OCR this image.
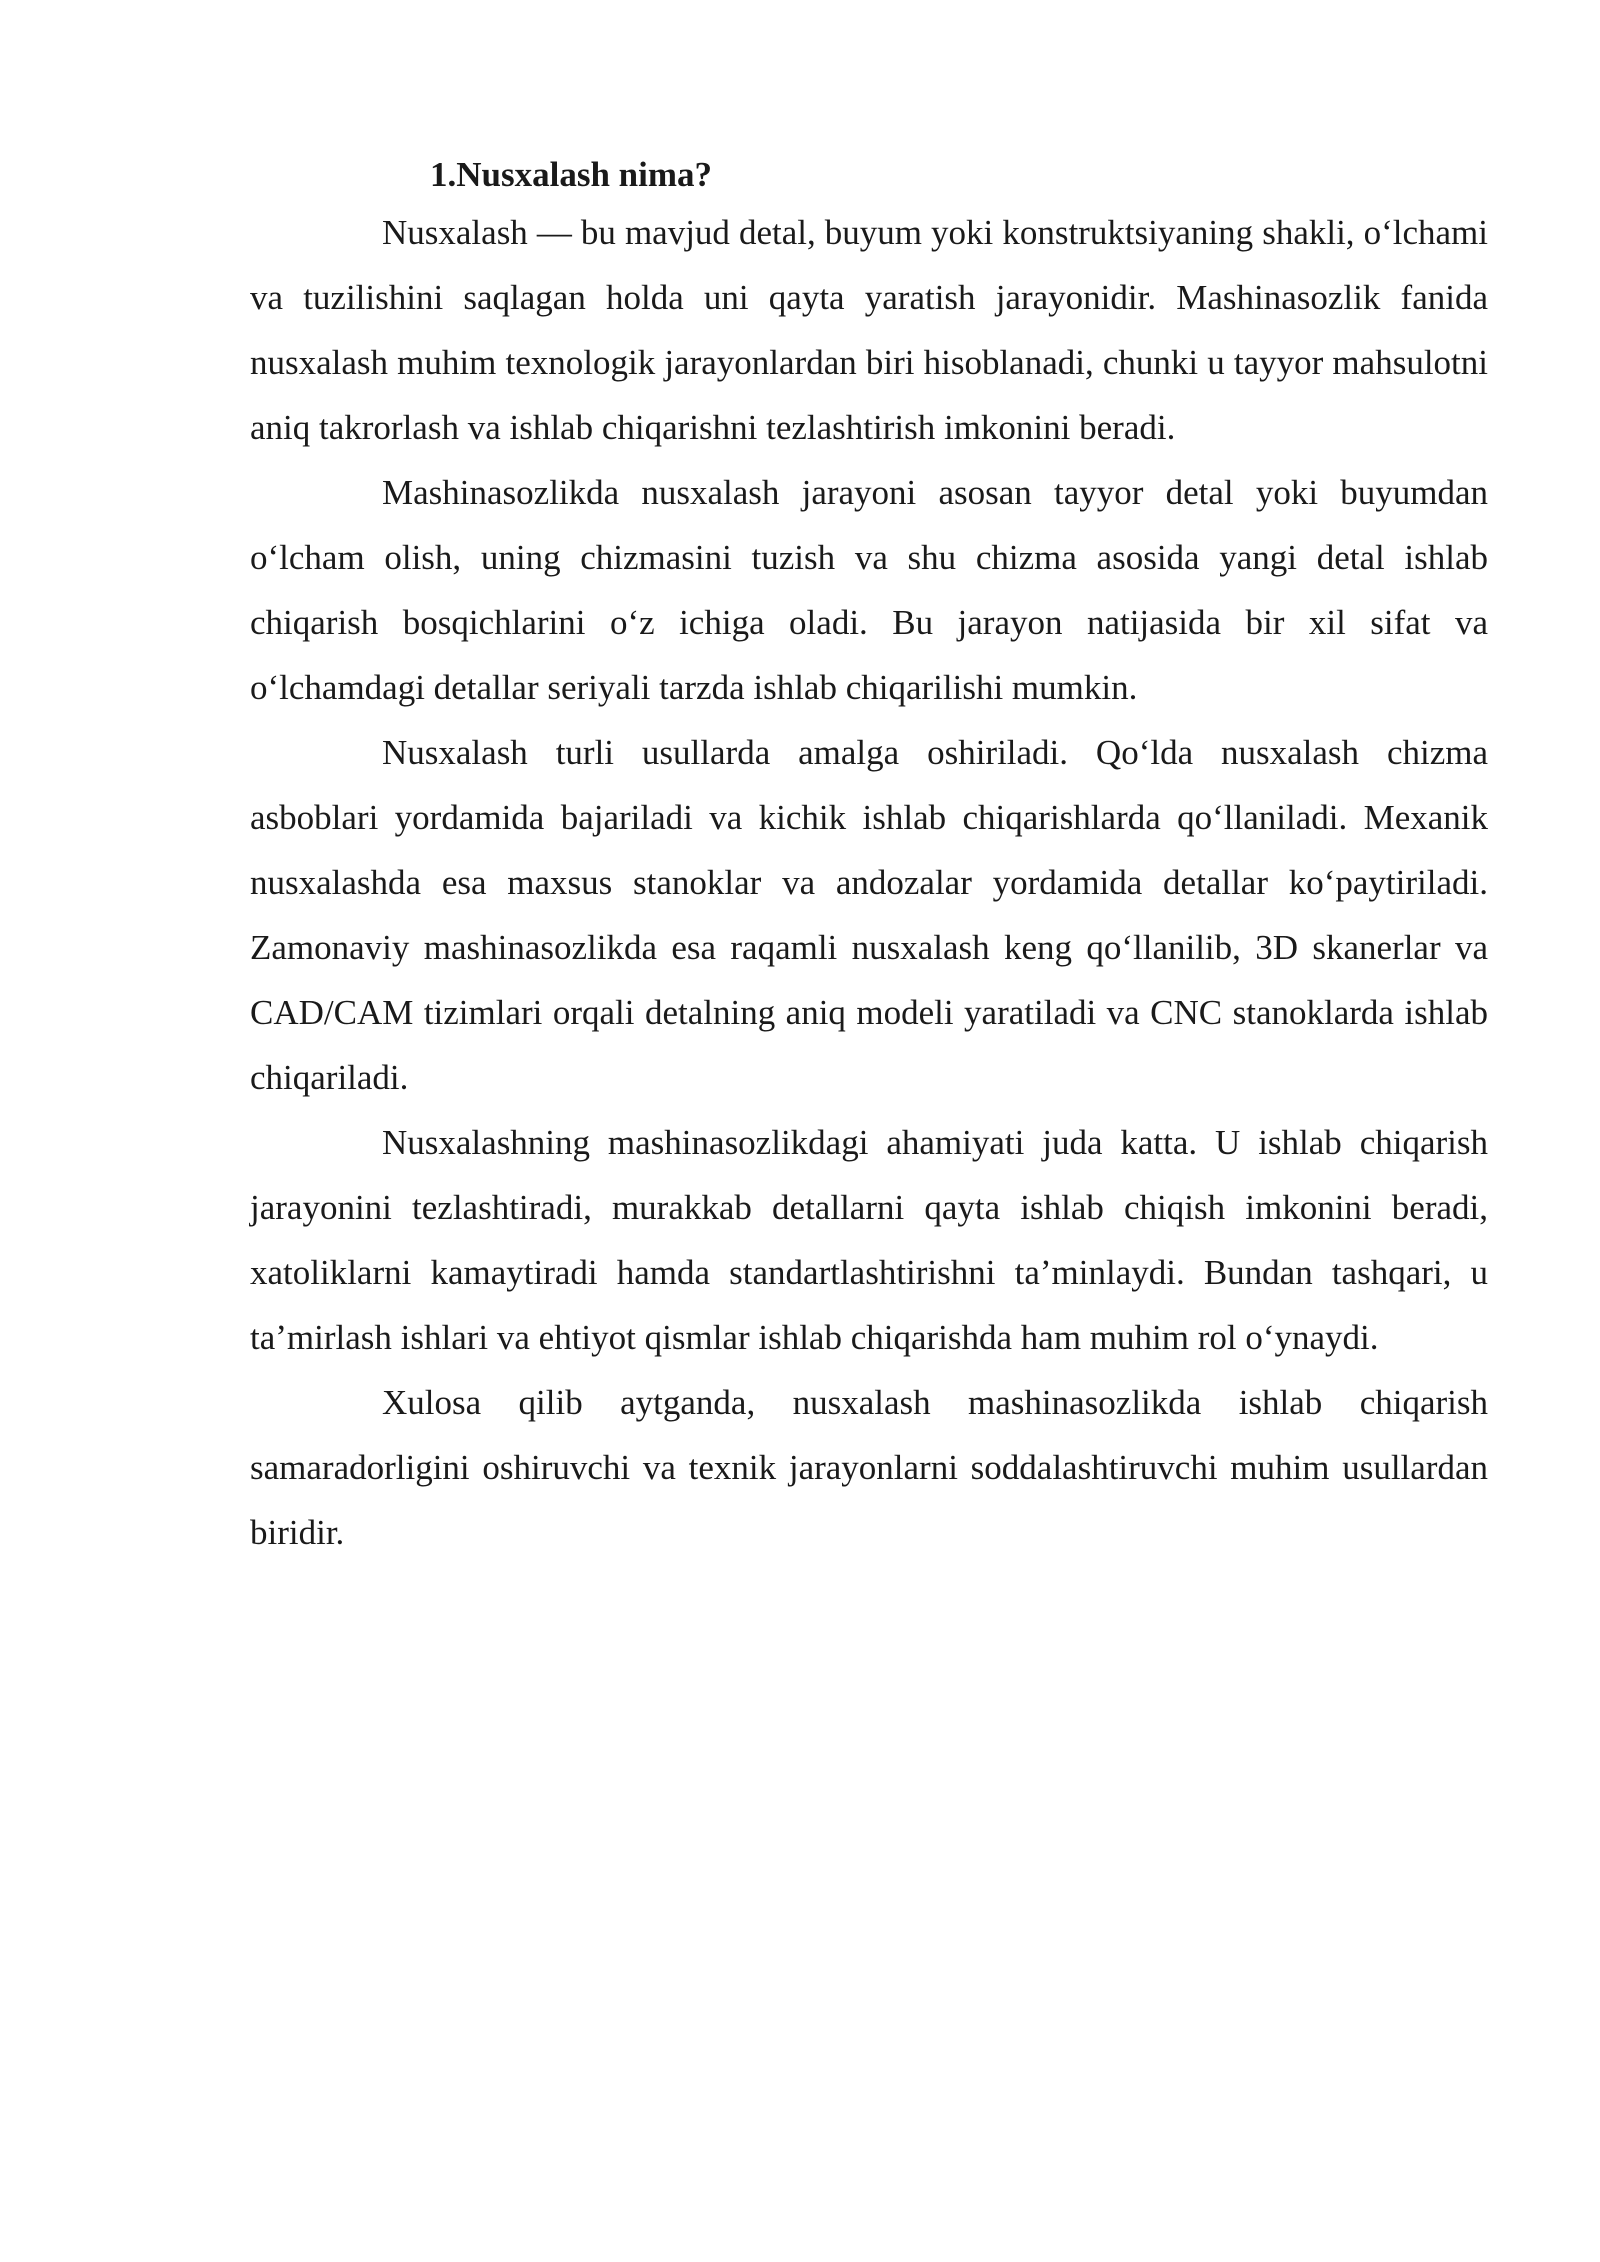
1.Nusxalash nima?

Nusxalash — bu mavjud detal, buyum yoki konstruktsiyaning shakli, oʻlchami va tuzilishini saqlagan holda uni qayta yaratish jarayonidir. Mashinasozlik fanida nusxalash muhim texnologik jarayonlardan biri hisoblanadi, chunki u tayyor mahsulotni aniq takrorlash va ishlab chiqarishni tezlashtirish imkonini beradi.

Mashinasozlikda nusxalash jarayoni asosan tayyor detal yoki buyumdan oʻlcham olish, uning chizmasini tuzish va shu chizma asosida yangi detal ishlab chiqarish bosqichlarini oʻz ichiga oladi. Bu jarayon natijasida bir xil sifat va oʻlchamdagi detallar seriyali tarzda ishlab chiqarilishi mumkin.

Nusxalash turli usullarda amalga oshiriladi. Qoʻlda nusxalash chizma asboblari yordamida bajariladi va kichik ishlab chiqarishlarda qoʻllaniladi. Mexanik nusxalashda esa maxsus stanoklar va andozalar yordamida detallar koʻpaytiriladi. Zamonaviy mashinasozlikda esa raqamli nusxalash keng qoʻllanilib, 3D skanerlar va CAD/CAM tizimlari orqali detalning aniq modeli yaratiladi va CNC stanoklarda ishlab chiqariladi.

Nusxalashning mashinasozlikdagi ahamiyati juda katta. U ishlab chiqarish jarayonini tezlashtiradi, murakkab detallarni qayta ishlab chiqish imkonini beradi, xatoliklarni kamaytiradi hamda standartlashtirishni taʼminlaydi. Bundan tashqari, u taʼmirlash ishlari va ehtiyot qismlar ishlab chiqarishda ham muhim rol oʻynaydi.

Xulosa qilib aytganda, nusxalash mashinasozlikda ishlab chiqarish samaradorligini oshiruvchi va texnik jarayonlarni soddalashtiruvchi muhim usullardan biridir.
